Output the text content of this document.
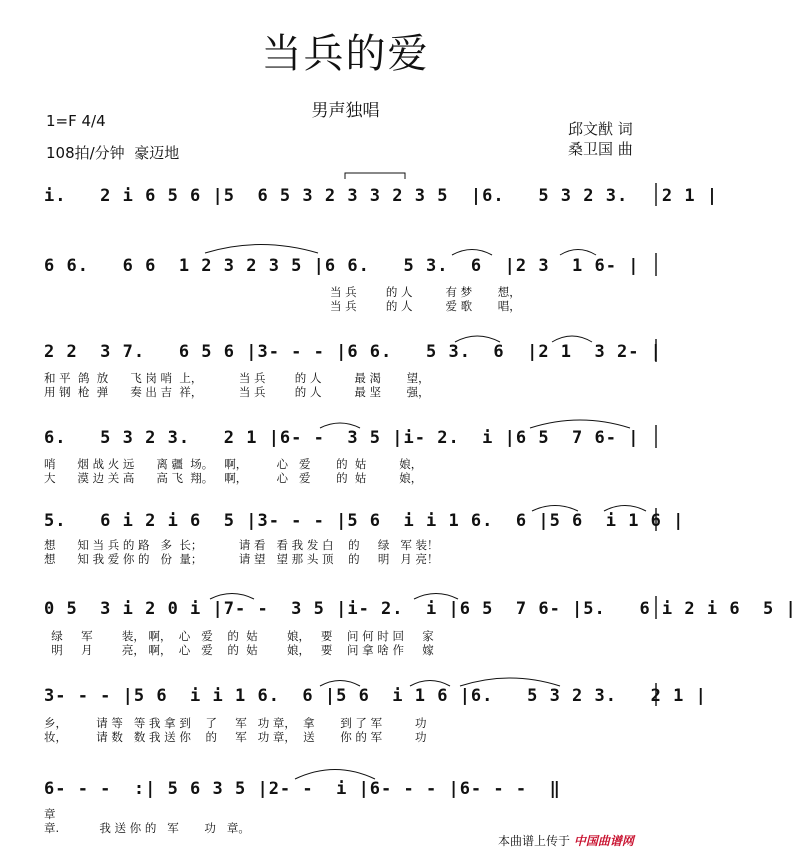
当兵的爱
男声独唱
1=F 4/4
108拍/分钟  豪迈地
邱文猷 词
桑卫国 曲
i.   2 i 6 5 6 |5  6 5 3 2 3 3 2 3 5  |6.   5 3 2 3.   2 1 |
6 6.   6 6  1 2 3 2 3 5 |6 6.   5 3.  6  |2 3  1 6- |
当 兵        的 人         有 梦       想，
当 兵        的 人         爱 歌       唱，
2 2  3 7.   6 5 6 |3- - - |6 6.   5 3.  6  |2 1  3 2- |
和 平  鸽  放      飞 岗 哨  上，          当 兵        的 人         最 渴       望，
用 钢  枪  弹      奏 出 吉  祥，          当 兵        的 人         最 坚       强，
6.   5 3 2 3.   2 1 |6- -  3 5 |i- 2.  i |6 5  7 6- |
哨      烟 战 火 远      离 疆  场。   啊，        心   爱       的  姑         娘，
大      漠 边 关 高      高 飞  翔。   啊，        心   爱       的  姑         娘，
5.   6 i 2 i 6  5 |3- - - |5 6  i i 1 6.  6 |5 6  i 1 6 |
想      知 当 兵 的 路   多  长；          请 看   看 我 发 白    的     绿   军 装！
想      知 我 爱 你 的   份  量；          请 望   望 那 头 顶    的     明   月 亮！
0 5  3 i 2 0 i |7- -  3 5 |i- 2.  i |6 5  7 6- |5.   6 i 2 i 6  5 |
绿     军        装， 啊，  心   爱    的  姑        娘，   要    问 何 时 回     家
明     月        亮， 啊，  心   爱    的  姑        娘，   要    问 拿 啥 作     嫁
3- - - |5 6  i i 1 6.  6 |5 6  i 1 6 |6.   5 3 2 3.   2 1 |
乡，        请 等   等 我 拿 到    了     军   功 章，  拿       到 了 军         功
妆，        请 数   数 我 送 你    的     军   功 章，  送       你 的 军         功
6- - -  :| 5 6 3 5 |2- -  i |6- - - |6- - -  ‖
章
章.           我 送 你 的   军       功   章。
本曲谱上传于 中国曲谱网
